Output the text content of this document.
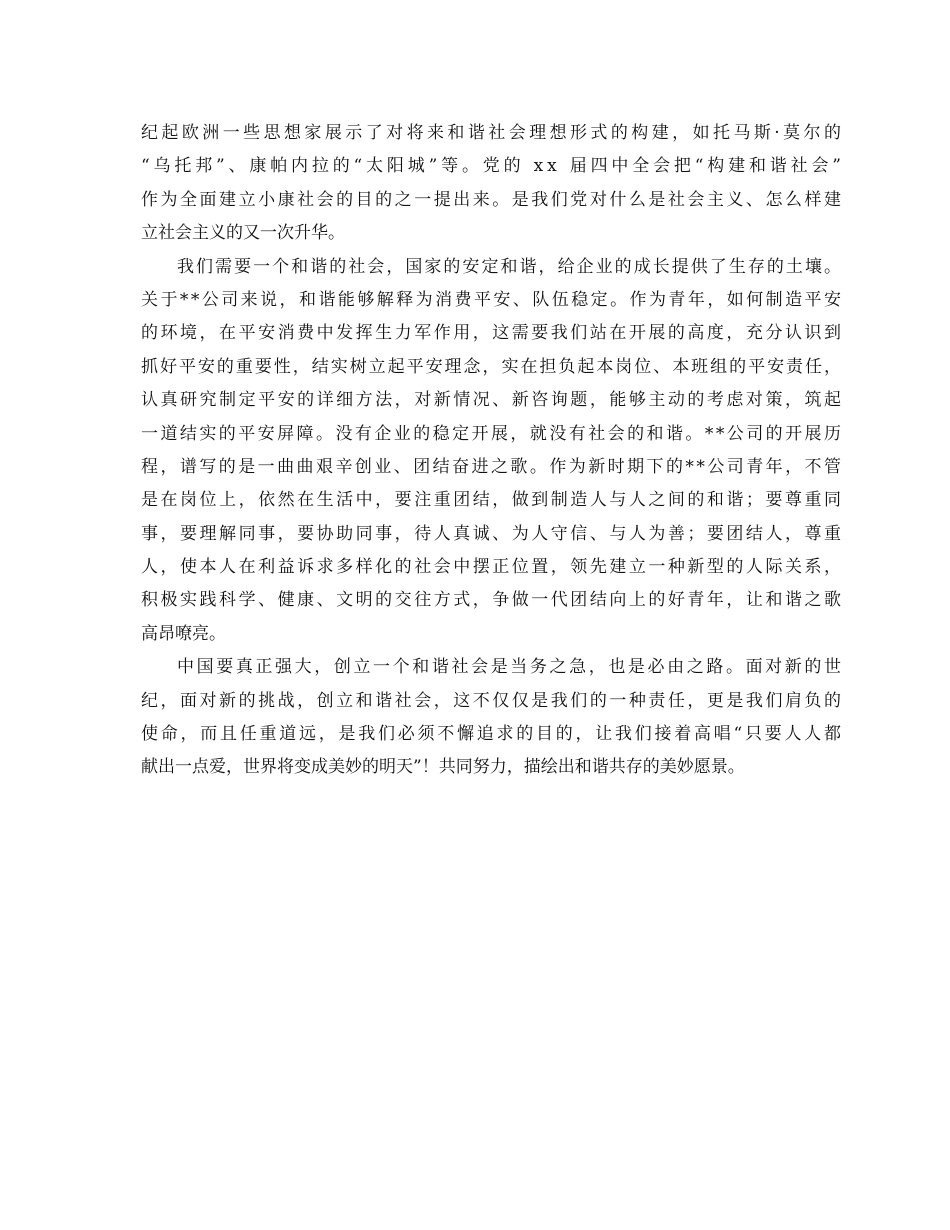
纪起欧洲一些思想家展示了对将来和谐社会理想形式的构建，如托马斯·莫尔的
“乌托邦”、康帕内拉的“太阳城”等。党的 xx 届四中全会把“构建和谐社会”
作为全面建立小康社会的目的之一提出来。是我们党对什么是社会主义、怎么样建
立社会主义的又一次升华。
我们需要一个和谐的社会，国家的安定和谐，给企业的成长提供了生存的土壤。
关于**公司来说，和谐能够解释为消费平安、队伍稳定。作为青年，如何制造平安
的环境，在平安消费中发挥生力军作用，这需要我们站在开展的高度，充分认识到
抓好平安的重要性，结实树立起平安理念，实在担负起本岗位、本班组的平安责任，
认真研究制定平安的详细方法，对新情况、新咨询题，能够主动的考虑对策，筑起
一道结实的平安屏障。没有企业的稳定开展，就没有社会的和谐。**公司的开展历
程，谱写的是一曲曲艰辛创业、团结奋进之歌。作为新时期下的**公司青年，不管
是在岗位上，依然在生活中，要注重团结，做到制造人与人之间的和谐；要尊重同
事，要理解同事，要协助同事，待人真诚、为人守信、与人为善；要团结人，尊重
人，使本人在利益诉求多样化的社会中摆正位置，领先建立一种新型的人际关系，
积极实践科学、健康、文明的交往方式，争做一代团结向上的好青年，让和谐之歌
高昂嘹亮。
中国要真正强大，创立一个和谐社会是当务之急，也是必由之路。面对新的世
纪，面对新的挑战，创立和谐社会，这不仅仅是我们的一种责任，更是我们肩负的
使命，而且任重道远，是我们必须不懈追求的目的，让我们接着高唱“只要人人都
献出一点爱，世界将变成美妙的明天”！共同努力，描绘出和谐共存的美妙愿景。
